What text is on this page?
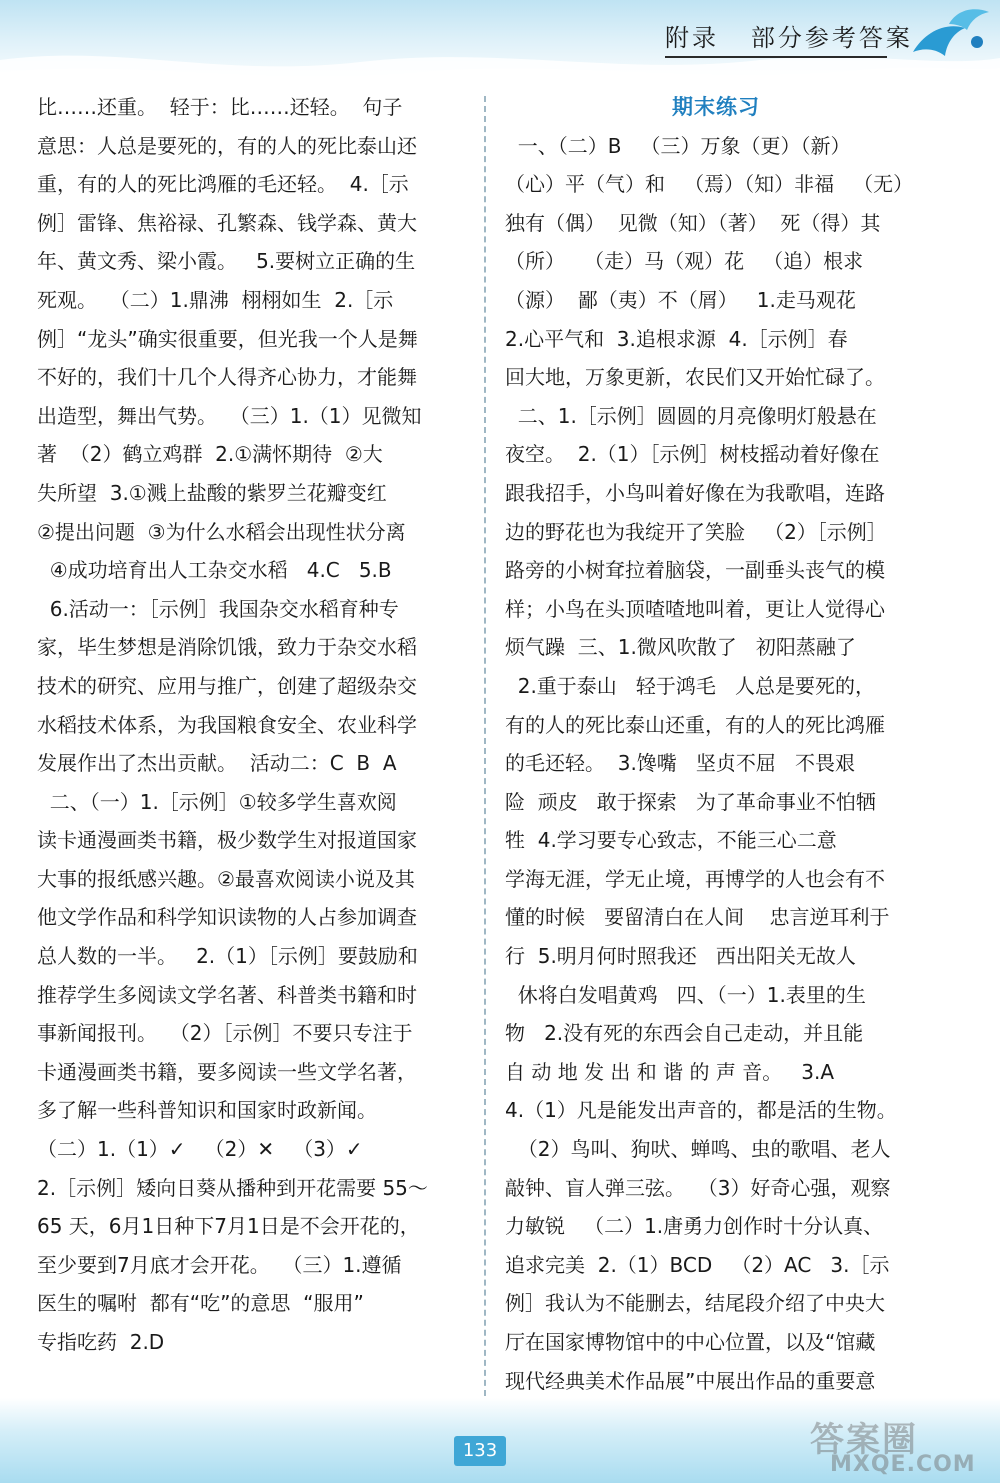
附录   部分参考答案
比……还重。  轻于：比……还轻。  句子
意思：人总是要死的，有的人的死比泰山还
重，有的人的死比鸿雁的毛还轻。  4.［示
例］雷锋、焦裕禄、孔繁森、钱学森、黄大
年、黄文秀、梁小霞。   5.要树立正确的生
死观。  （二）1.鼎沸  栩栩如生  2.［示
例］“龙头”确实很重要，但光我一个人是舞
不好的，我们十几个人得齐心协力，才能舞
出造型，舞出气势。  （三）1.（1）见微知
著  （2）鹤立鸡群  2.①满怀期待  ②大
失所望  3.①溅上盐酸的紫罗兰花瓣变红
②提出问题  ③为什么水稻会出现性状分离
④成功培育出人工杂交水稻   4.C   5.B
6.活动一：［示例］我国杂交水稻育种专
家，毕生梦想是消除饥饿，致力于杂交水稻
技术的研究、应用与推广，创建了超级杂交
水稻技术体系，为我国粮食安全、农业科学
发展作出了杰出贡献。  活动二：C  B  A
二、（一）1.［示例］①较多学生喜欢阅
读卡通漫画类书籍，极少数学生对报道国家
大事的报纸感兴趣。②最喜欢阅读小说及其
他文学作品和科学知识读物的人占参加调查
总人数的一半。   2.（1）［示例］要鼓励和
推荐学生多阅读文学名著、科普类书籍和时
事新闻报刊。  （2）［示例］不要只专注于
卡通漫画类书籍，要多阅读一些文学名著，
多了解一些科普知识和国家时政新闻。
（二）1.（1）✓   （2）✕   （3）✓
2.［示例］矮向日葵从播种到开花需要 55～
65 天，6月1日种下7月1日是不会开花的，
至少要到7月底才会开花。  （三）1.遵循
医生的嘱咐  都有“吃”的意思  “服用”
专指吃药  2.D
期末练习
一、（二）B   （三）万象（更）（新）
（心）平（气）和   （焉）（知）非福   （无）
独有（偶）  见微（知）（著）  死（得）其
（所）   （走）马（观）花   （追）根求
（源）  鄙（夷）不（屑）   1.走马观花
2.心平气和  3.追根求源  4.［示例］春
回大地，万象更新，农民们又开始忙碌了。
二、1.［示例］圆圆的月亮像明灯般悬在
夜空。  2.（1）［示例］树枝摇动着好像在
跟我招手，小鸟叫着好像在为我歌唱，连路
边的野花也为我绽开了笑脸   （2）［示例］
路旁的小树耷拉着脑袋，一副垂头丧气的模
样；小鸟在头顶喳喳地叫着，更让人觉得心
烦气躁  三、1.微风吹散了   初阳蒸融了
2.重于泰山   轻于鸿毛   人总是要死的，
有的人的死比泰山还重，有的人的死比鸿雁
的毛还轻。  3.馋嘴   坚贞不屈   不畏艰
险  顽皮   敢于探索   为了革命事业不怕牺
牲  4.学习要专心致志，不能三心二意
学海无涯，学无止境，再博学的人也会有不
懂的时候   要留清白在人间    忠言逆耳利于
行  5.明月何时照我还   西出阳关无故人
休将白发唱黄鸡   四、（一）1.表里的生
物   2.没有死的东西会自己走动，并且能
自 动 地 发 出 和 谐 的 声 音。   3.A
4.（1）凡是能发出声音的，都是活的生物。
（2）鸟叫、狗吠、蝉鸣、虫的歌唱、老人
敲钟、盲人弹三弦。  （3）好奇心强，观察
力敏锐   （二）1.唐勇力创作时十分认真、
追求完美  2.（1）BCD   （2）AC   3.［示
例］我认为不能删去，结尾段介绍了中央大
厅在国家博物馆中的中心位置，以及“馆藏
现代经典美术作品展”中展出作品的重要意
133	答案圈
MXQE.COM
